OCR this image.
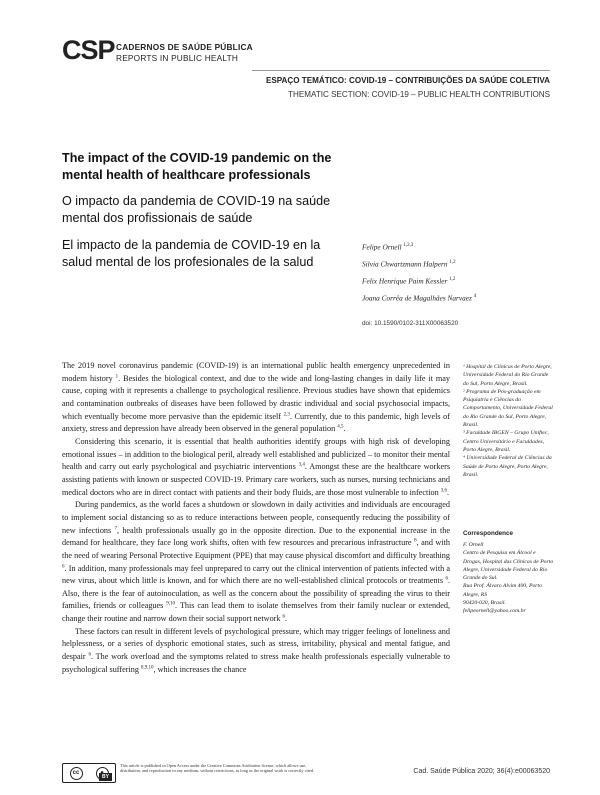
CSP CADERNOS DE SAÚDE PÚBLICA
REPORTS IN PUBLIC HEALTH
ESPAÇO TEMÁTICO: COVID-19 – CONTRIBUIÇÕES DA SAÚDE COLETIVA
THEMATIC SECTION: COVID-19 – PUBLIC HEALTH CONTRIBUTIONS
The impact of the COVID-19 pandemic on the mental health of healthcare professionals
O impacto da pandemia de COVID-19 na saúde mental dos profissionais de saúde
El impacto de la pandemia de COVID-19 en la salud mental de los profesionales de la salud
Felipe Ornell $^{1,2,3}$
Silvia Chwartzmann Halpern $^{1,2}$
Felix Henrique Paim Kessler $^{1,2}$
Joana Corrêa de Magalhães Narvaez $^4$
doi: 10.1590/0102-311X00063520

The 2019 novel coronavirus pandemic (COVID-19) is an international public health emergency unprecedented in modern history $^1$. Besides the biological context, and due to the wide and long-lasting changes in daily life it may cause, coping with it represents a challenge to psychological resilience. Previous studies have shown that epidemics and contamination outbreaks of diseases have been followed by drastic individual and social psychosocial impacts, which eventually become more pervasive than the epidemic itself $^{2,3}$. Currently, due to this pandemic, high levels of anxiety, stress and depression have already been observed in the general population $^{4,5}$.

Considering this scenario, it is essential that health authorities identify groups with high risk of developing emotional issues – in addition to the biological peril, already well established and publicized – to monitor their mental health and carry out early psychological and psychiatric interventions $^{3,4}$. Amongst these are the healthcare workers assisting patients with known or suspected COVID-19. Primary care workers, such as nurses, nursing technicians and medical doctors who are in direct contact with patients and their body fluids, are those most vulnerable to infection $^{3,6}$.

During pandemics, as the world faces a shutdown or slowdown in daily activities and individuals are encouraged to implement social distancing so as to reduce interactions between people, consequently reducing the possibility of new infections $^7$, health professionals usually go in the opposite direction. Due to the exponential increase in the demand for healthcare, they face long work shifts, often with few resources and precarious infrastructure $^8$, and with the need of wearing Personal Protective Equipment (PPE) that may cause physical discomfort and difficulty breathing $^6$. In addition, many professionals may feel unprepared to carry out the clinical intervention of patients infected with a new virus, about which little is known, and for which there are no well-established clinical protocols or treatments $^6$. Also, there is the fear of autoinoculation, as well as the concern about the possibility of spreading the virus to their families, friends or colleagues $^{9,10}$. This can lead them to isolate themselves from their family nuclear or extended, change their routine and narrow down their social support network $^6$.

These factors can result in different levels of psychological pressure, which may trigger feelings of loneliness and helplessness, or a series of dysphoric emotional states, such as stress, irritability, physical and mental fatigue, and despair $^6$. The work overload and the symptoms related to stress make health professionals especially vulnerable to psychological suffering $^{8,9,10}$, which increases the chance

¹ Hospital de Clínicas de Porto Alegre, Universidade Federal do Rio Grande do Sul, Porto Alegre, Brasil.
² Programa de Pós-graduação em Psiquiatria e Ciências do Comportamento, Universidade Federal do Rio Grande do Sul, Porto Alegre, Brasil.
³ Faculdade IBGEN – Grupo Uniftec, Centro Universitário e Faculdades, Porto Alegre, Brasil.
⁴ Universidade Federal de Ciências da Saúde de Porto Alegre, Porto Alegre, Brasil.
Correspondence
F. Ornell
Centro de Pesquisa em Álcool e Drogas, Hospital das Clínicas de Porto Alegre, Universidade Federal do Rio Grande do Sul.
Rua Prof. Álvaro Alvim 400, Porto Alegre, RS
90420-020, Brasil.
felipeornell@yahoo.com.br
cc
BY
This article is published in Open Access under the Creative Commons Attribution license, which allows use, distribution, and reproduction in any medium, without restrictions, as long as the original work is correctly cited.	Cad. Saúde Pública 2020; 36(4):e00063520
